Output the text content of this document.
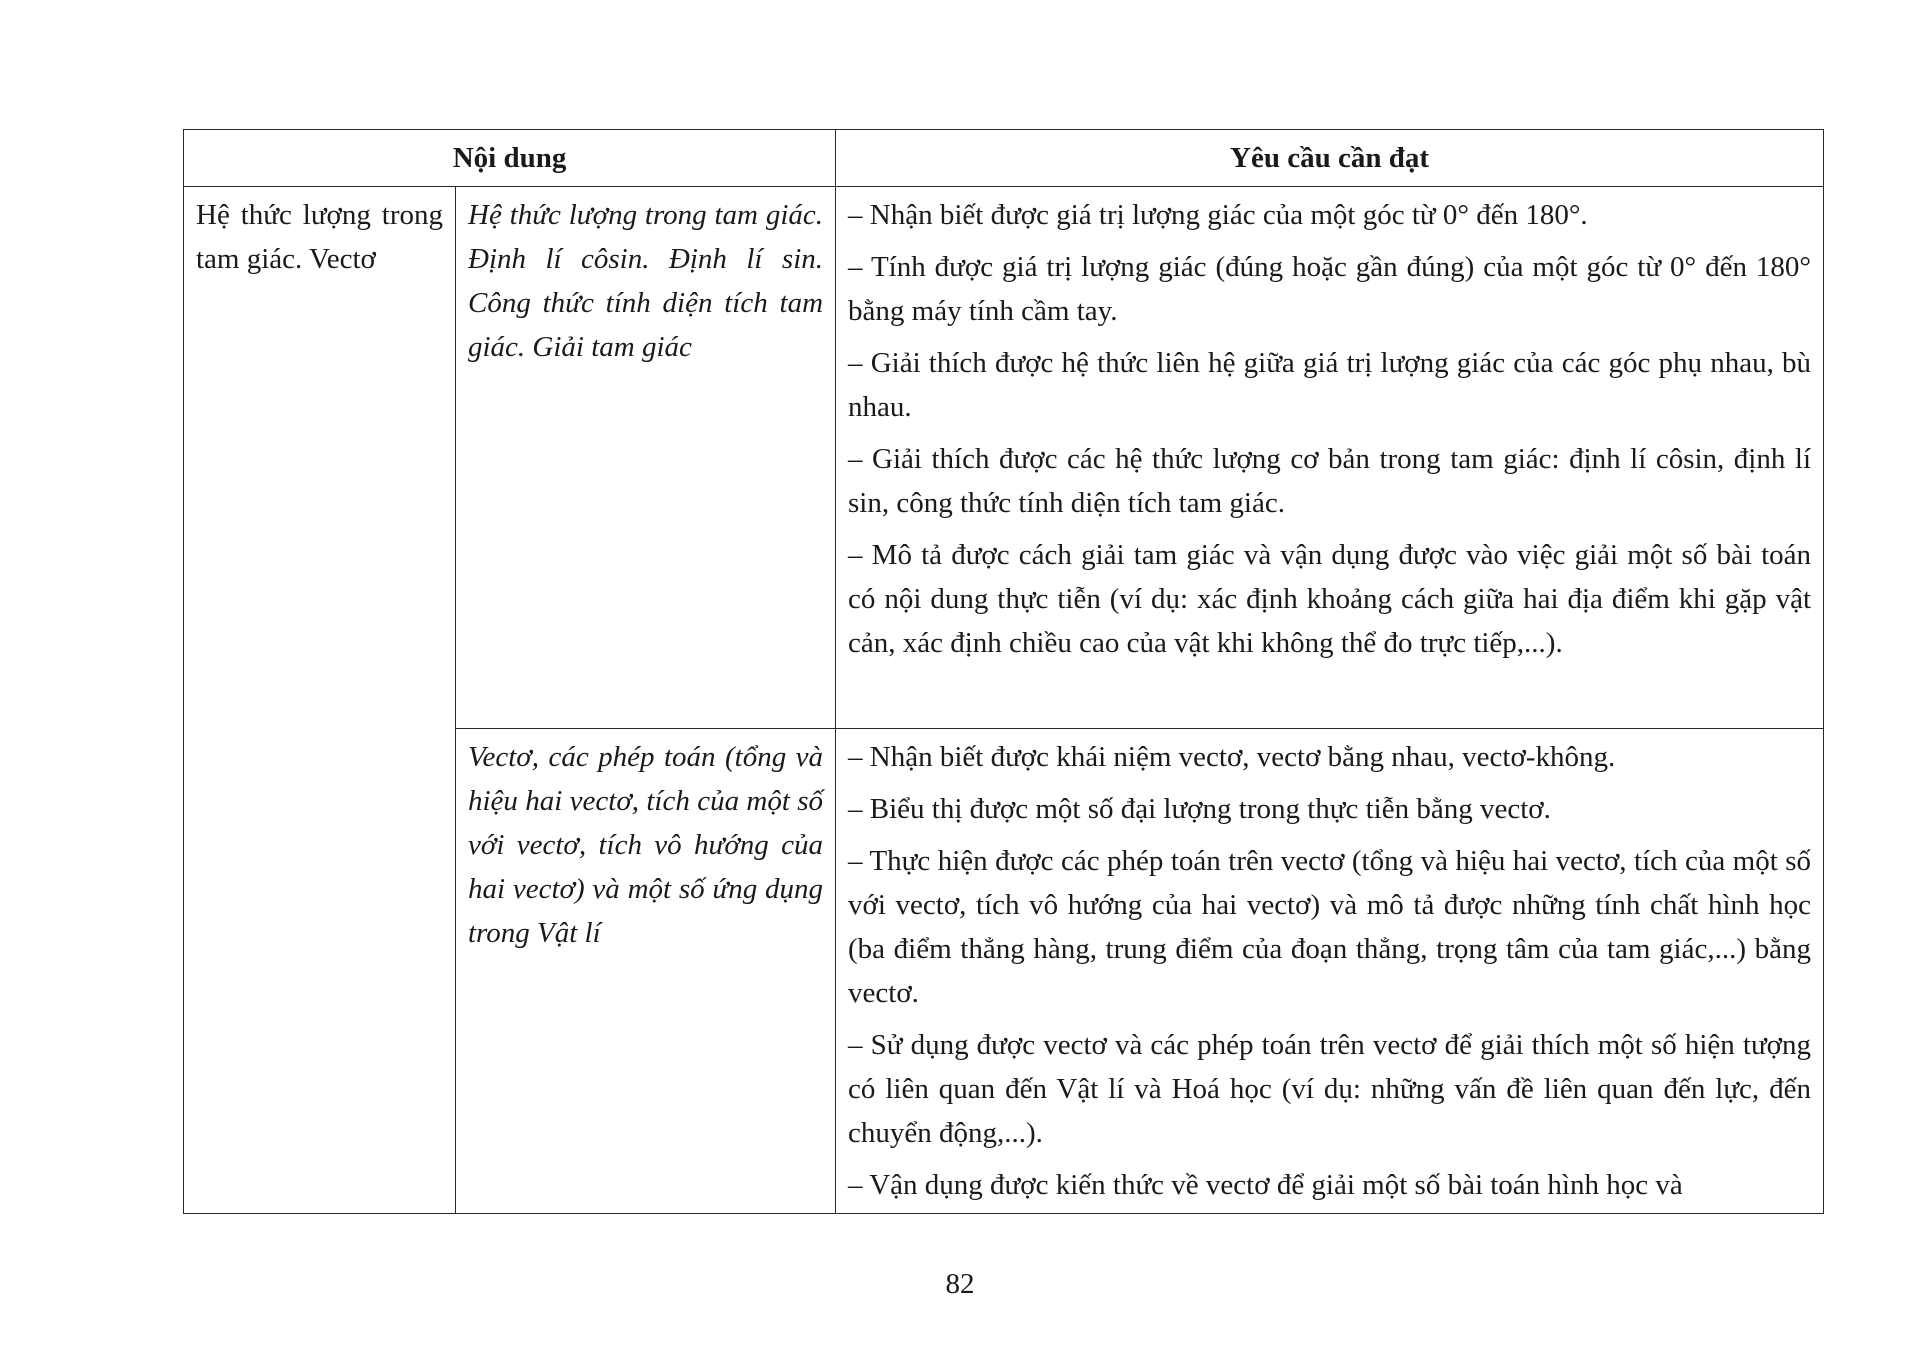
Nội dung		Yêu cầu cần đạt

Hệ thức lượng trong tam giác. Vectơ	Hệ thức lượng trong tam giác. Định lí côsin. Định lí sin. Công thức tính diện tích tam giác. Giải tam giác	– Nhận biết được giá trị lượng giác của một góc từ 0° đến 180°.

– Tính được giá trị lượng giác (đúng hoặc gần đúng) của một góc từ 0° đến 180° bằng máy tính cầm tay.

– Giải thích được hệ thức liên hệ giữa giá trị lượng giác của các góc phụ nhau, bù nhau.

– Giải thích được các hệ thức lượng cơ bản trong tam giác: định lí côsin, định lí sin, công thức tính diện tích tam giác.

– Mô tả được cách giải tam giác và vận dụng được vào việc giải một số bài toán có nội dung thực tiễn (ví dụ: xác định khoảng cách giữa hai địa điểm khi gặp vật cản, xác định chiều cao của vật khi không thể đo trực tiếp,...).

	Vectơ, các phép toán (tổng và hiệu hai vectơ, tích của một số với vectơ, tích vô hướng của hai vectơ) và một số ứng dụng trong Vật lí	– Nhận biết được khái niệm vectơ, vectơ bằng nhau, vectơ-không.

– Biểu thị được một số đại lượng trong thực tiễn bằng vectơ.

– Thực hiện được các phép toán trên vectơ (tổng và hiệu hai vectơ, tích của một số với vectơ, tích vô hướng của hai vectơ) và mô tả được những tính chất hình học (ba điểm thẳng hàng, trung điểm của đoạn thẳng, trọng tâm của tam giác,...) bằng vectơ.

– Sử dụng được vectơ và các phép toán trên vectơ để giải thích một số hiện tượng có liên quan đến Vật lí và Hoá học (ví dụ: những vấn đề liên quan đến lực, đến chuyển động,...).

– Vận dụng được kiến thức về vectơ để giải một số bài toán hình học và

82
